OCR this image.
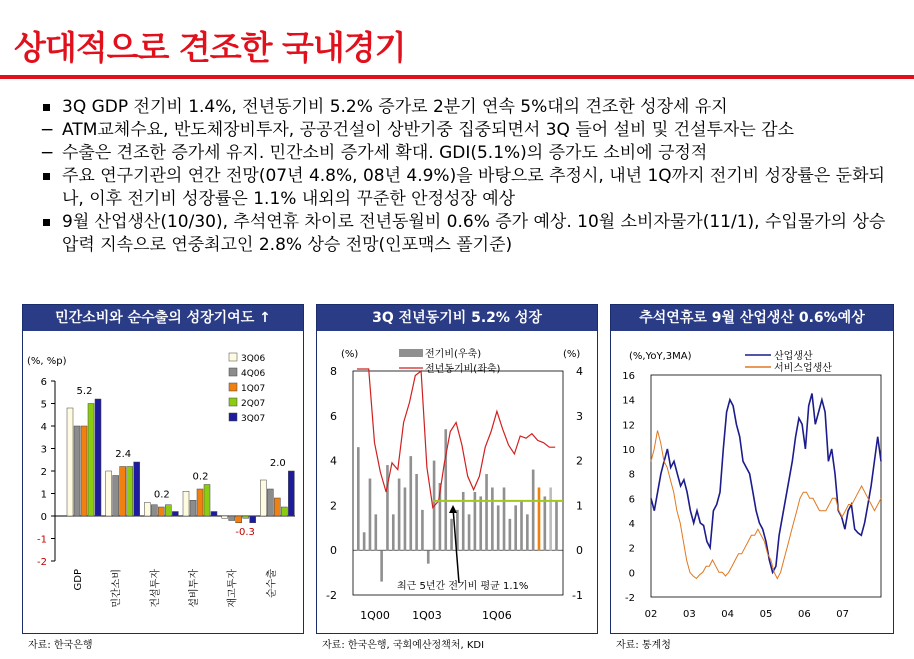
상대적으로 견조한 국내경기
3Q GDP 전기비 1.4%, 전년동기비 5.2% 증가로 2분기 연속 5%대의 견조한 성장세 유지
− ATM교체수요, 반도체장비투자, 공공건설이 상반기중 집중되면서 3Q 들어 설비 및 건설투자는 감소
− 수출은 견조한 증가세 유지. 민간소비 증가세 확대. GDI(5.1%)의 증가도 소비에 긍정적
주요 연구기관의 연간 전망(07년 4.8%, 08년 4.9%)을 바탕으로 추정시, 내년 1Q까지 전기비 성장률은 둔화되나, 이후 전기비 성장률은 1.1% 내외의 꾸준한 안정성장 예상
9월 산업생산(10/30), 추석연휴 차이로 전년동월비 0.6% 증가 예상. 10월 소비자물가(11/1), 수입물가의 상승압력 지속으로 연중최고인 2.8% 상승 전망(인포맥스 폴기준)
민간소비와 순수출의 성장기여도 ↑
(%, %p)
-2
-1
0
1
2
3
4
5
6
5.2
GDP
2.4
민간소비
0.2
건설투자
0.2
설비투자
-0.3
재고투자
2.0
순수출
3Q06
4Q06
1Q07
2Q07
3Q07
자료: 한국은행
3Q 전년동기비 5.2% 성장
(%)	(%)
-2
0
2
4
6
8
-1
0
1
2
3
4
최근 5년간 전기비 평균 1.1%
전기비(우축)
전년동기비(좌축)
1Q00 1Q03	1Q06
자료: 한국은행, 국회예산정책처, KDI
추석연휴로 9월 산업생산 0.6%예상
(%,YoY,3MA)
-2
0
2
4
6
8
10
12
14
16
02	03	04	05	06	07
산업생산
서비스업생산
자료: 통계청
